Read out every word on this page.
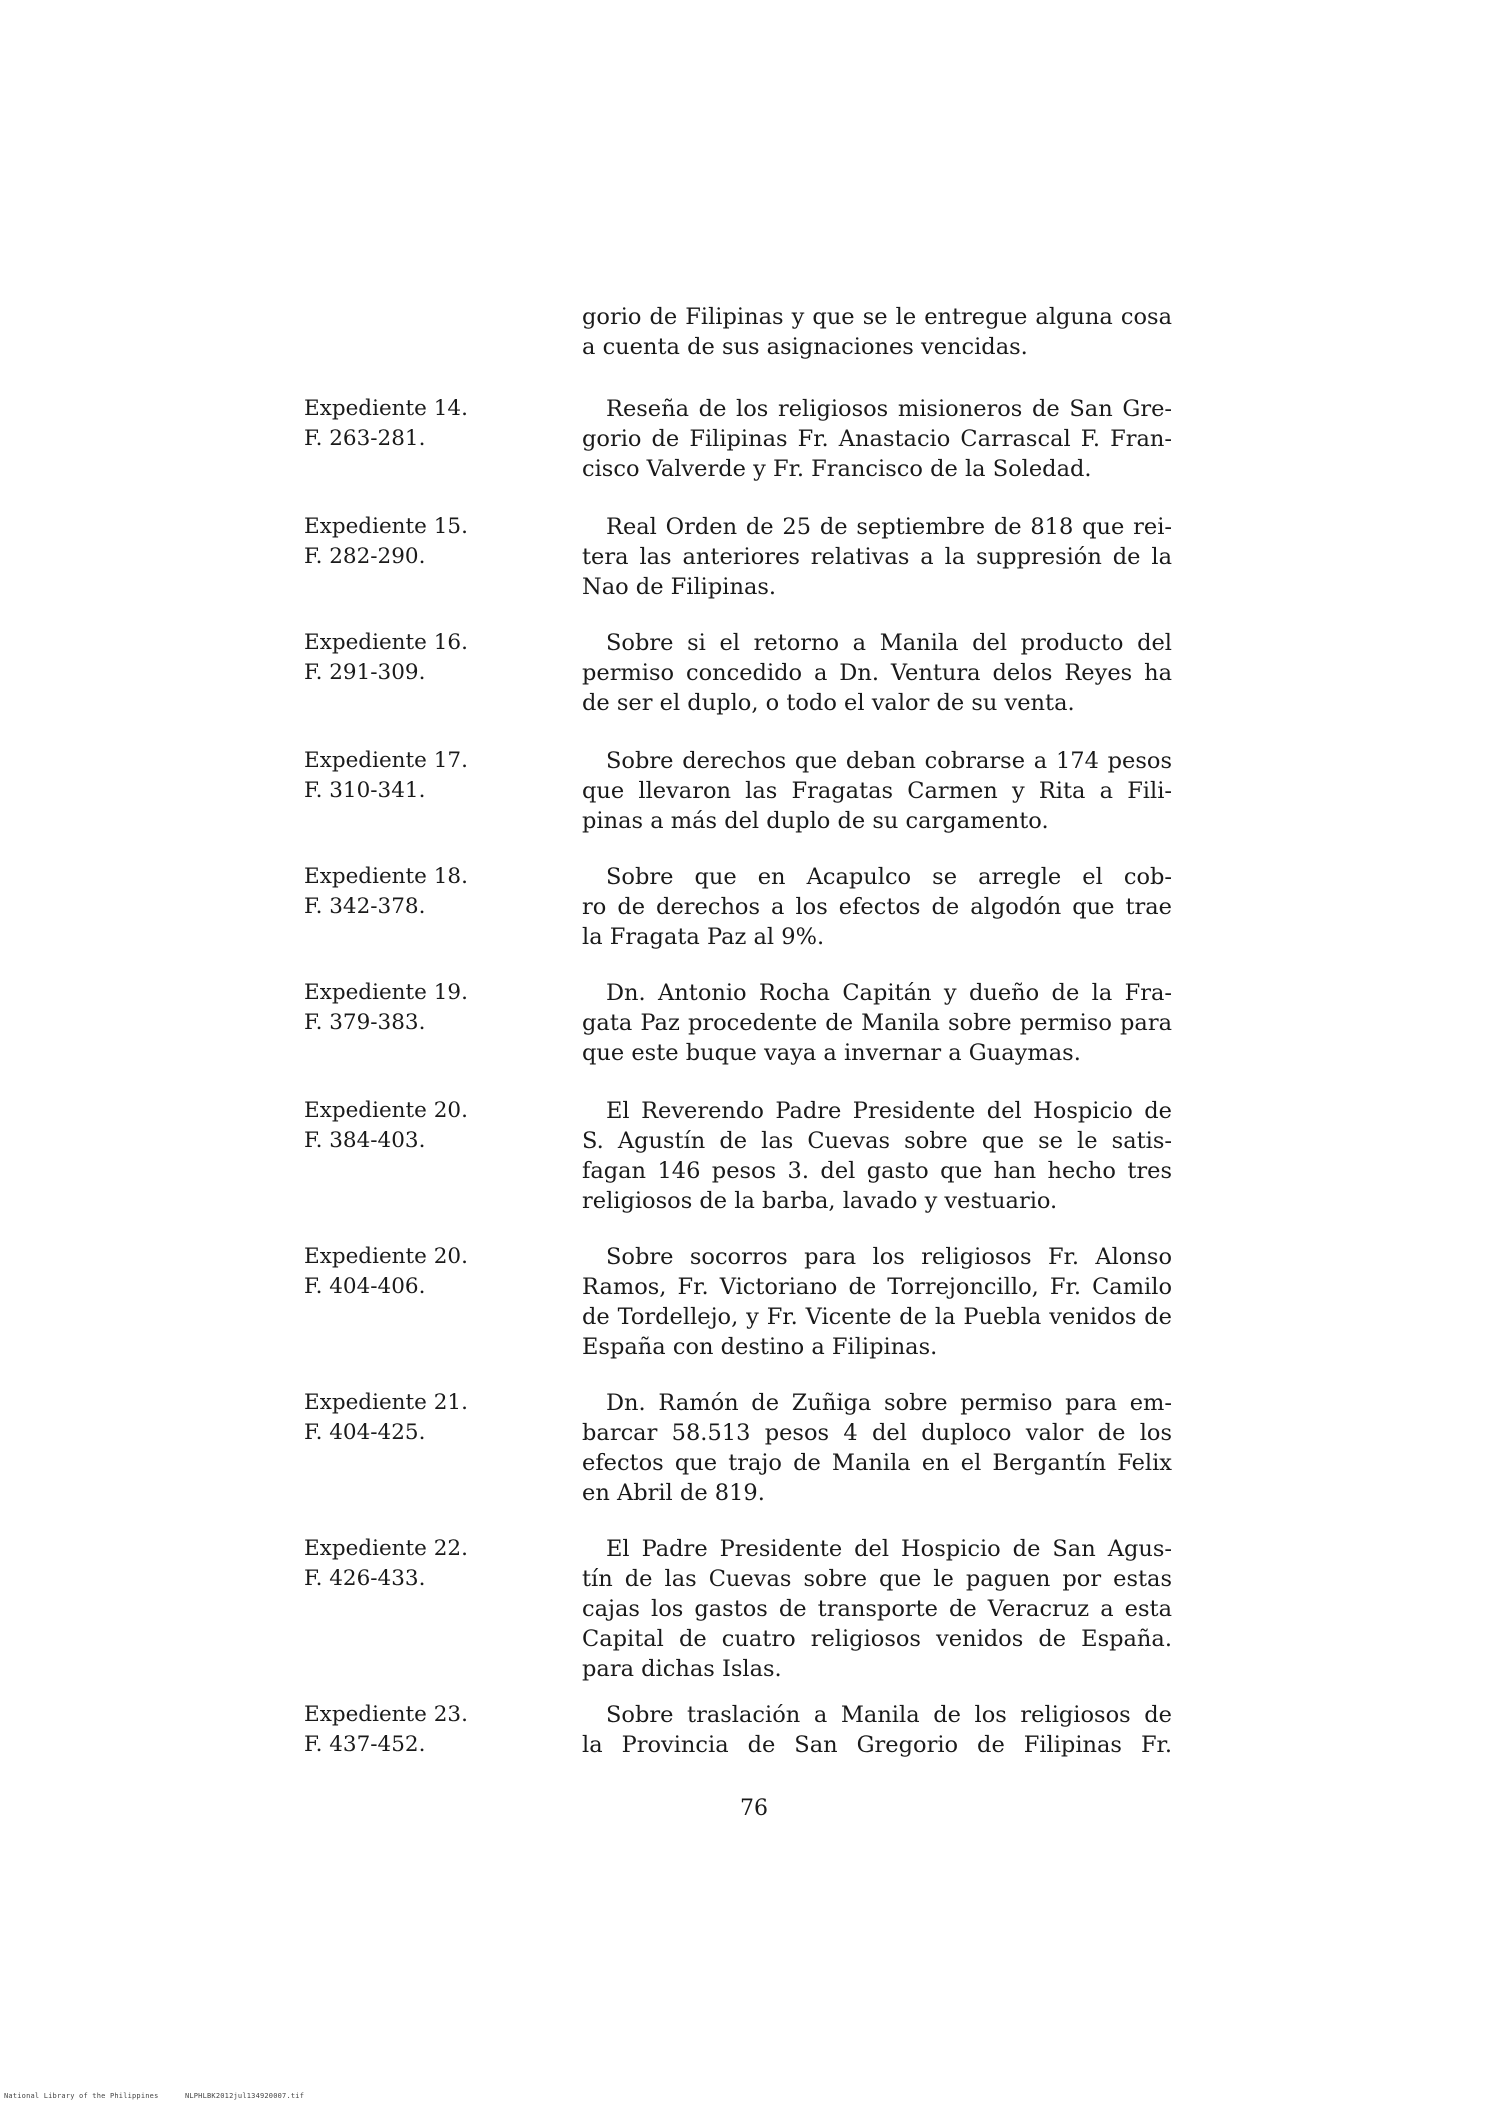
gorio de Filipinas y que se le entregue alguna cosa
a cuenta de sus asignaciones vencidas.
Expediente 14.
F. 263-281.
Reseña de los religiosos misioneros de San Gre-
gorio de Filipinas Fr. Anastacio Carrascal F. Fran-
cisco Valverde y Fr. Francisco de la Soledad.
Expediente 15.
F. 282-290.
Real Orden de 25 de septiembre de 818 que rei-
tera las anteriores relativas a la suppresión de la
Nao de Filipinas.
Expediente 16.
F. 291-309.
Sobre si el retorno a Manila del producto del
permiso concedido a Dn. Ventura delos Reyes ha
de ser el duplo, o todo el valor de su venta.
Expediente 17.
F. 310-341.
Sobre derechos que deban cobrarse a 174 pesos
que llevaron las Fragatas Carmen y Rita a Fili-
pinas a más del duplo de su cargamento.
Expediente 18.
F. 342-378.
Sobre que en Acapulco se arregle el cob-
ro de derechos a los efectos de algodón que trae
la Fragata Paz al 9%.
Expediente 19.
F. 379-383.
Dn. Antonio Rocha Capitán y dueño de la Fra-
gata Paz procedente de Manila sobre permiso para
que este buque vaya a invernar a Guaymas.
Expediente 20.
F. 384-403.
El Reverendo Padre Presidente del Hospicio de
S. Agustín de las Cuevas sobre que se le satis-
fagan 146 pesos 3. del gasto que han hecho tres
religiosos de la barba, lavado y vestuario.
Expediente 20.
F. 404-406.
Sobre socorros para los religiosos Fr. Alonso
Ramos, Fr. Victoriano de Torrejoncillo, Fr. Camilo
de Tordellejo, y Fr. Vicente de la Puebla venidos de
España con destino a Filipinas.
Expediente 21.
F. 404-425.
Dn. Ramón de Zuñiga sobre permiso para em-
barcar 58.513 pesos 4 del duploco valor de los
efectos que trajo de Manila en el Bergantín Felix
en Abril de 819.
Expediente 22.
F. 426-433.
El Padre Presidente del Hospicio de San Agus-
tín de las Cuevas sobre que le paguen por estas
cajas los gastos de transporte de Veracruz a esta
Capital de cuatro religiosos venidos de España.
para dichas Islas.
Expediente 23.
F. 437-452.
Sobre traslación a Manila de los religiosos de
la Provincia de San Gregorio de Filipinas Fr.
76
National Library of the Philippines	NLPHLBK2012jul134920007.tif
